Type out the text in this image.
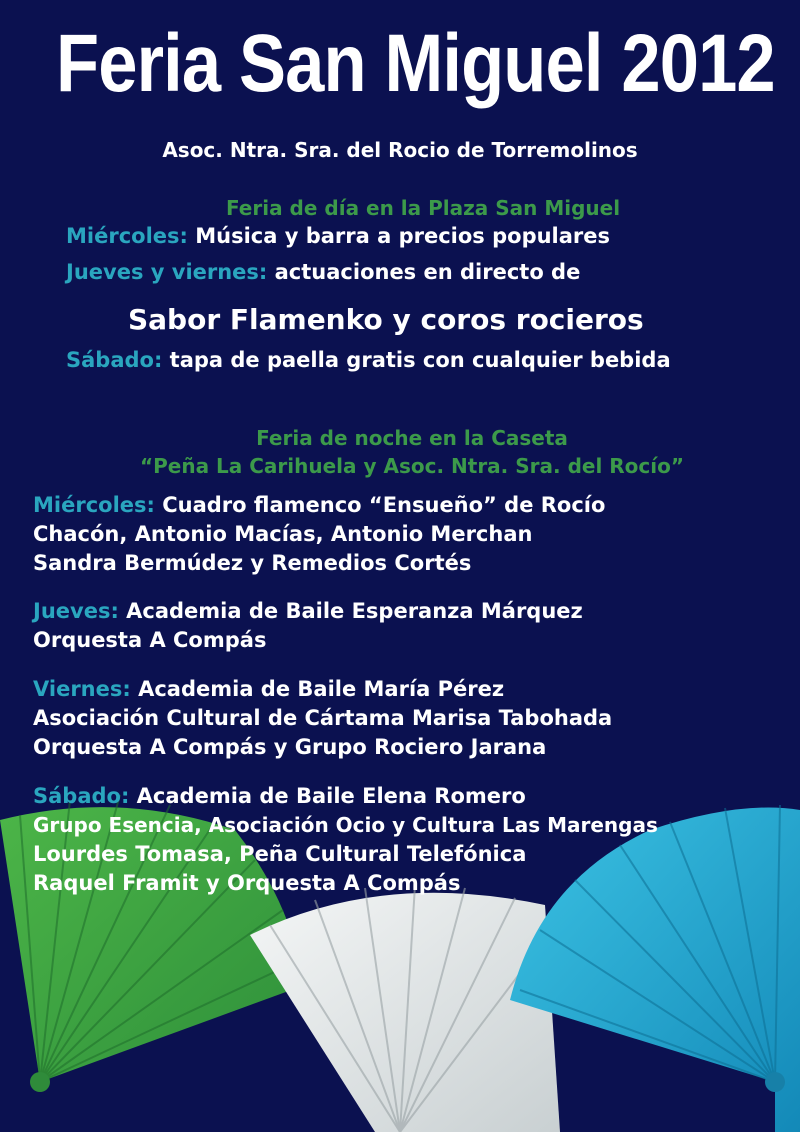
Feria San Miguel 2012
Asoc. Ntra. Sra. del Rocio de Torremolinos
Feria de día en la Plaza San Miguel
Miércoles: Música y barra a precios populares
Jueves y viernes: actuaciones en directo de
Sabor Flamenko y coros rocieros
Sábado: tapa de paella gratis con cualquier bebida
Feria de noche en la Caseta
“Peña La Carihuela y Asoc. Ntra. Sra. del Rocío”
Miércoles: Cuadro flamenco “Ensueño” de Rocío
Chacón, Antonio Macías, Antonio Merchan
Sandra Bermúdez y Remedios Cortés
Jueves: Academia de Baile Esperanza Márquez
Orquesta A Compás
Viernes: Academia de Baile María Pérez
Asociación Cultural de Cártama Marisa Tabohada
Orquesta A Compás y Grupo Rociero Jarana
Sábado: Academia de Baile Elena Romero
Grupo Esencia, Asociación Ocio y Cultura Las Marengas
Lourdes Tomasa, Peña Cultural Telefónica
Raquel Framit y Orquesta A Compás
